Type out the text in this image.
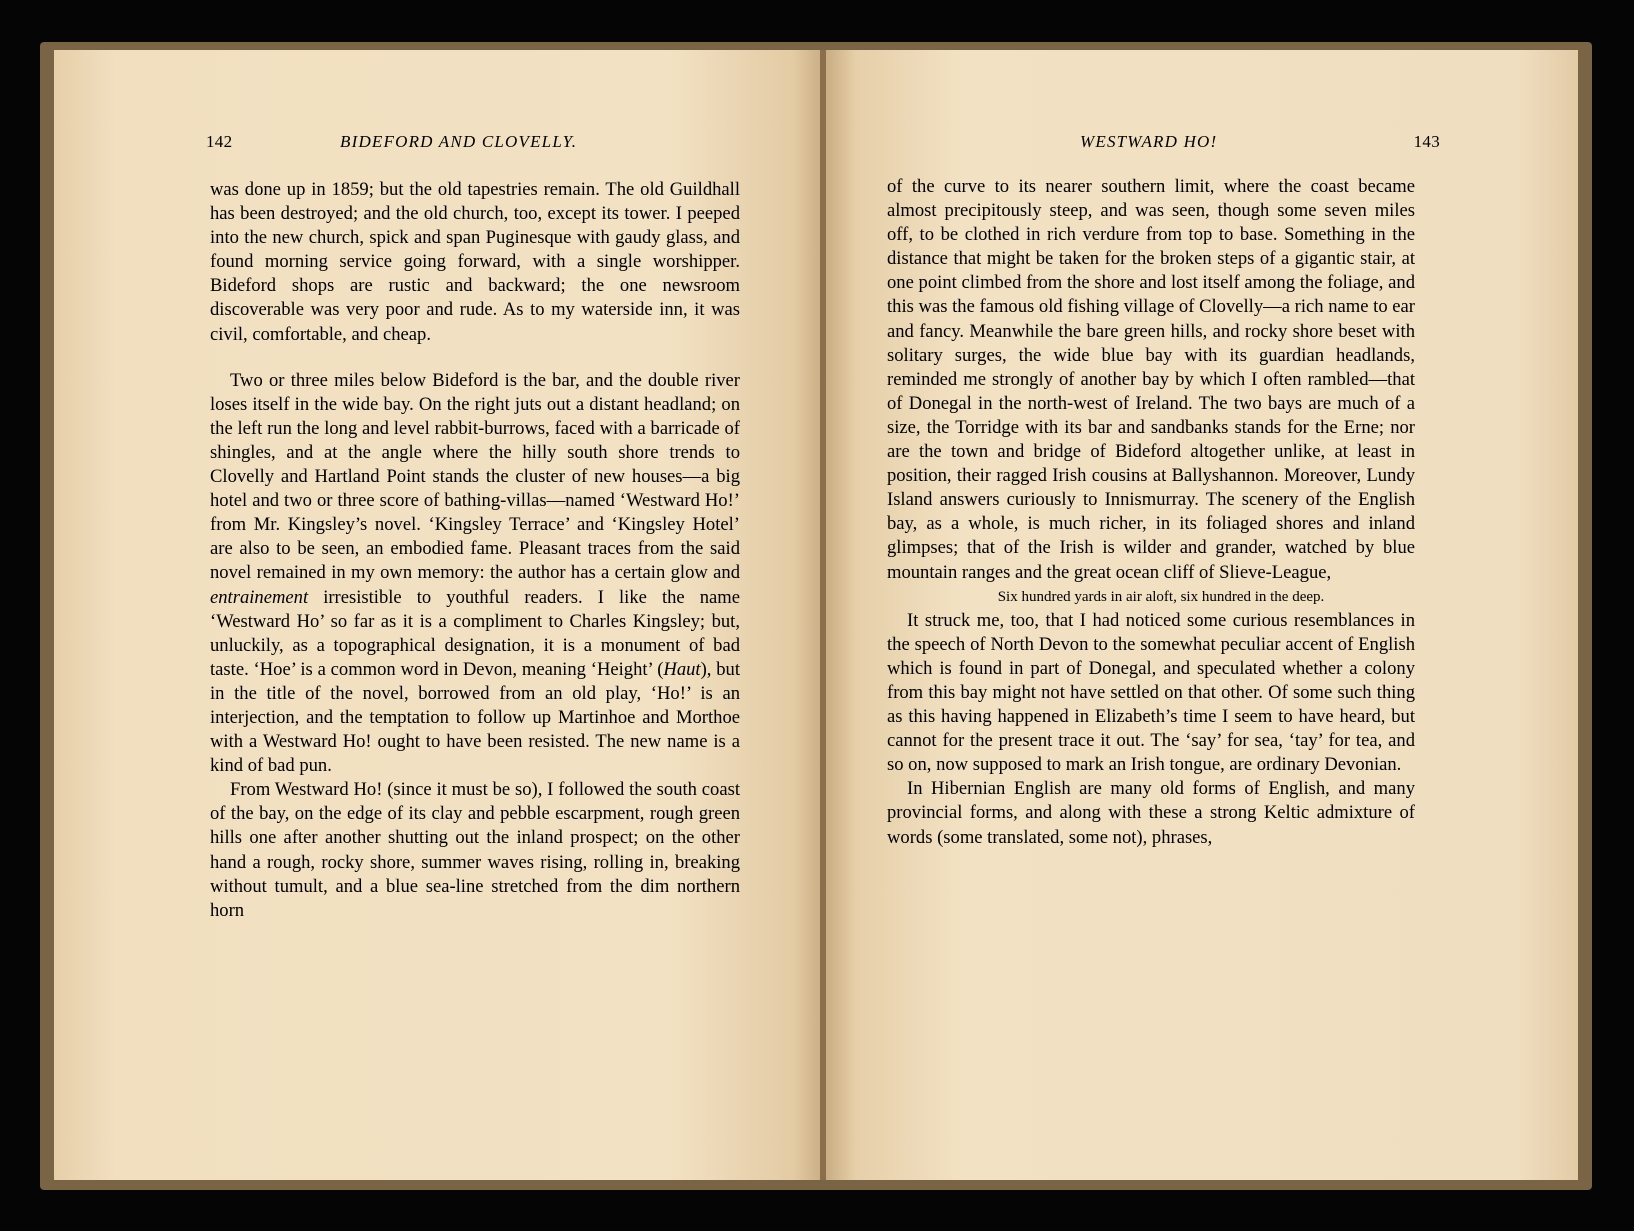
142	BIDEFORD AND CLOVELLY.	WESTWARD HO!	143

was done up in 1859; but the old tapestries remain. The old Guildhall has been destroyed; and the old church, too, except its tower. I peeped into the new church, spick and span Puginesque with gaudy glass, and found morning service going forward, with a single worshipper. Bideford shops are rustic and backward; the one newsroom discoverable was very poor and rude. As to my waterside inn, it was civil, comfortable, and cheap.

Two or three miles below Bideford is the bar, and the double river loses itself in the wide bay. On the right juts out a distant headland; on the left run the long and level rabbit-burrows, faced with a barricade of shingles, and at the angle where the hilly south shore trends to Clovelly and Hartland Point stands the cluster of new houses—a big hotel and two or three score of bathing-villas—named ‘Westward Ho!’ from Mr. Kingsley’s novel. ‘Kingsley Terrace’ and ‘Kingsley Hotel’ are also to be seen, an embodied fame. Pleasant traces from the said novel remained in my own memory: the author has a certain glow and entrainement irresistible to youthful readers. I like the name ‘Westward Ho’ so far as it is a compliment to Charles Kingsley; but, unluckily, as a topographical designation, it is a monument of bad taste. ‘Hoe’ is a common word in Devon, meaning ‘Height’ (Haut), but in the title of the novel, borrowed from an old play, ‘Ho!’ is an interjection, and the temptation to follow up Martinhoe and Morthoe with a Westward Ho! ought to have been resisted. The new name is a kind of bad pun.

From Westward Ho! (since it must be so), I followed the south coast of the bay, on the edge of its clay and pebble escarpment, rough green hills one after another shutting out the inland prospect; on the other hand a rough, rocky shore, summer waves rising, rolling in, breaking without tumult, and a blue sea-line stretched from the dim northern horn

of the curve to its nearer southern limit, where the coast became almost precipitously steep, and was seen, though some seven miles off, to be clothed in rich verdure from top to base. Something in the distance that might be taken for the broken steps of a gigantic stair, at one point climbed from the shore and lost itself among the foliage, and this was the famous old fishing village of Clovelly—a rich name to ear and fancy. Meanwhile the bare green hills, and rocky shore beset with solitary surges, the wide blue bay with its guardian headlands, reminded me strongly of another bay by which I often rambled—that of Donegal in the north-west of Ireland. The two bays are much of a size, the Torridge with its bar and sandbanks stands for the Erne; nor are the town and bridge of Bideford altogether unlike, at least in position, their ragged Irish cousins at Ballyshannon. Moreover, Lundy Island answers curiously to Innismurray. The scenery of the English bay, as a whole, is much richer, in its foliaged shores and inland glimpses; that of the Irish is wilder and grander, watched by blue mountain ranges and the great ocean cliff of Slieve-League,

Six hundred yards in air aloft, six hundred in the deep.

It struck me, too, that I had noticed some curious resemblances in the speech of North Devon to the somewhat peculiar accent of English which is found in part of Donegal, and speculated whether a colony from this bay might not have settled on that other. Of some such thing as this having happened in Elizabeth’s time I seem to have heard, but cannot for the present trace it out. The ‘say’ for sea, ‘tay’ for tea, and so on, now supposed to mark an Irish tongue, are ordinary Devonian.

In Hibernian English are many old forms of English, and many provincial forms, and along with these a strong Keltic admixture of words (some translated, some not), phrases,
